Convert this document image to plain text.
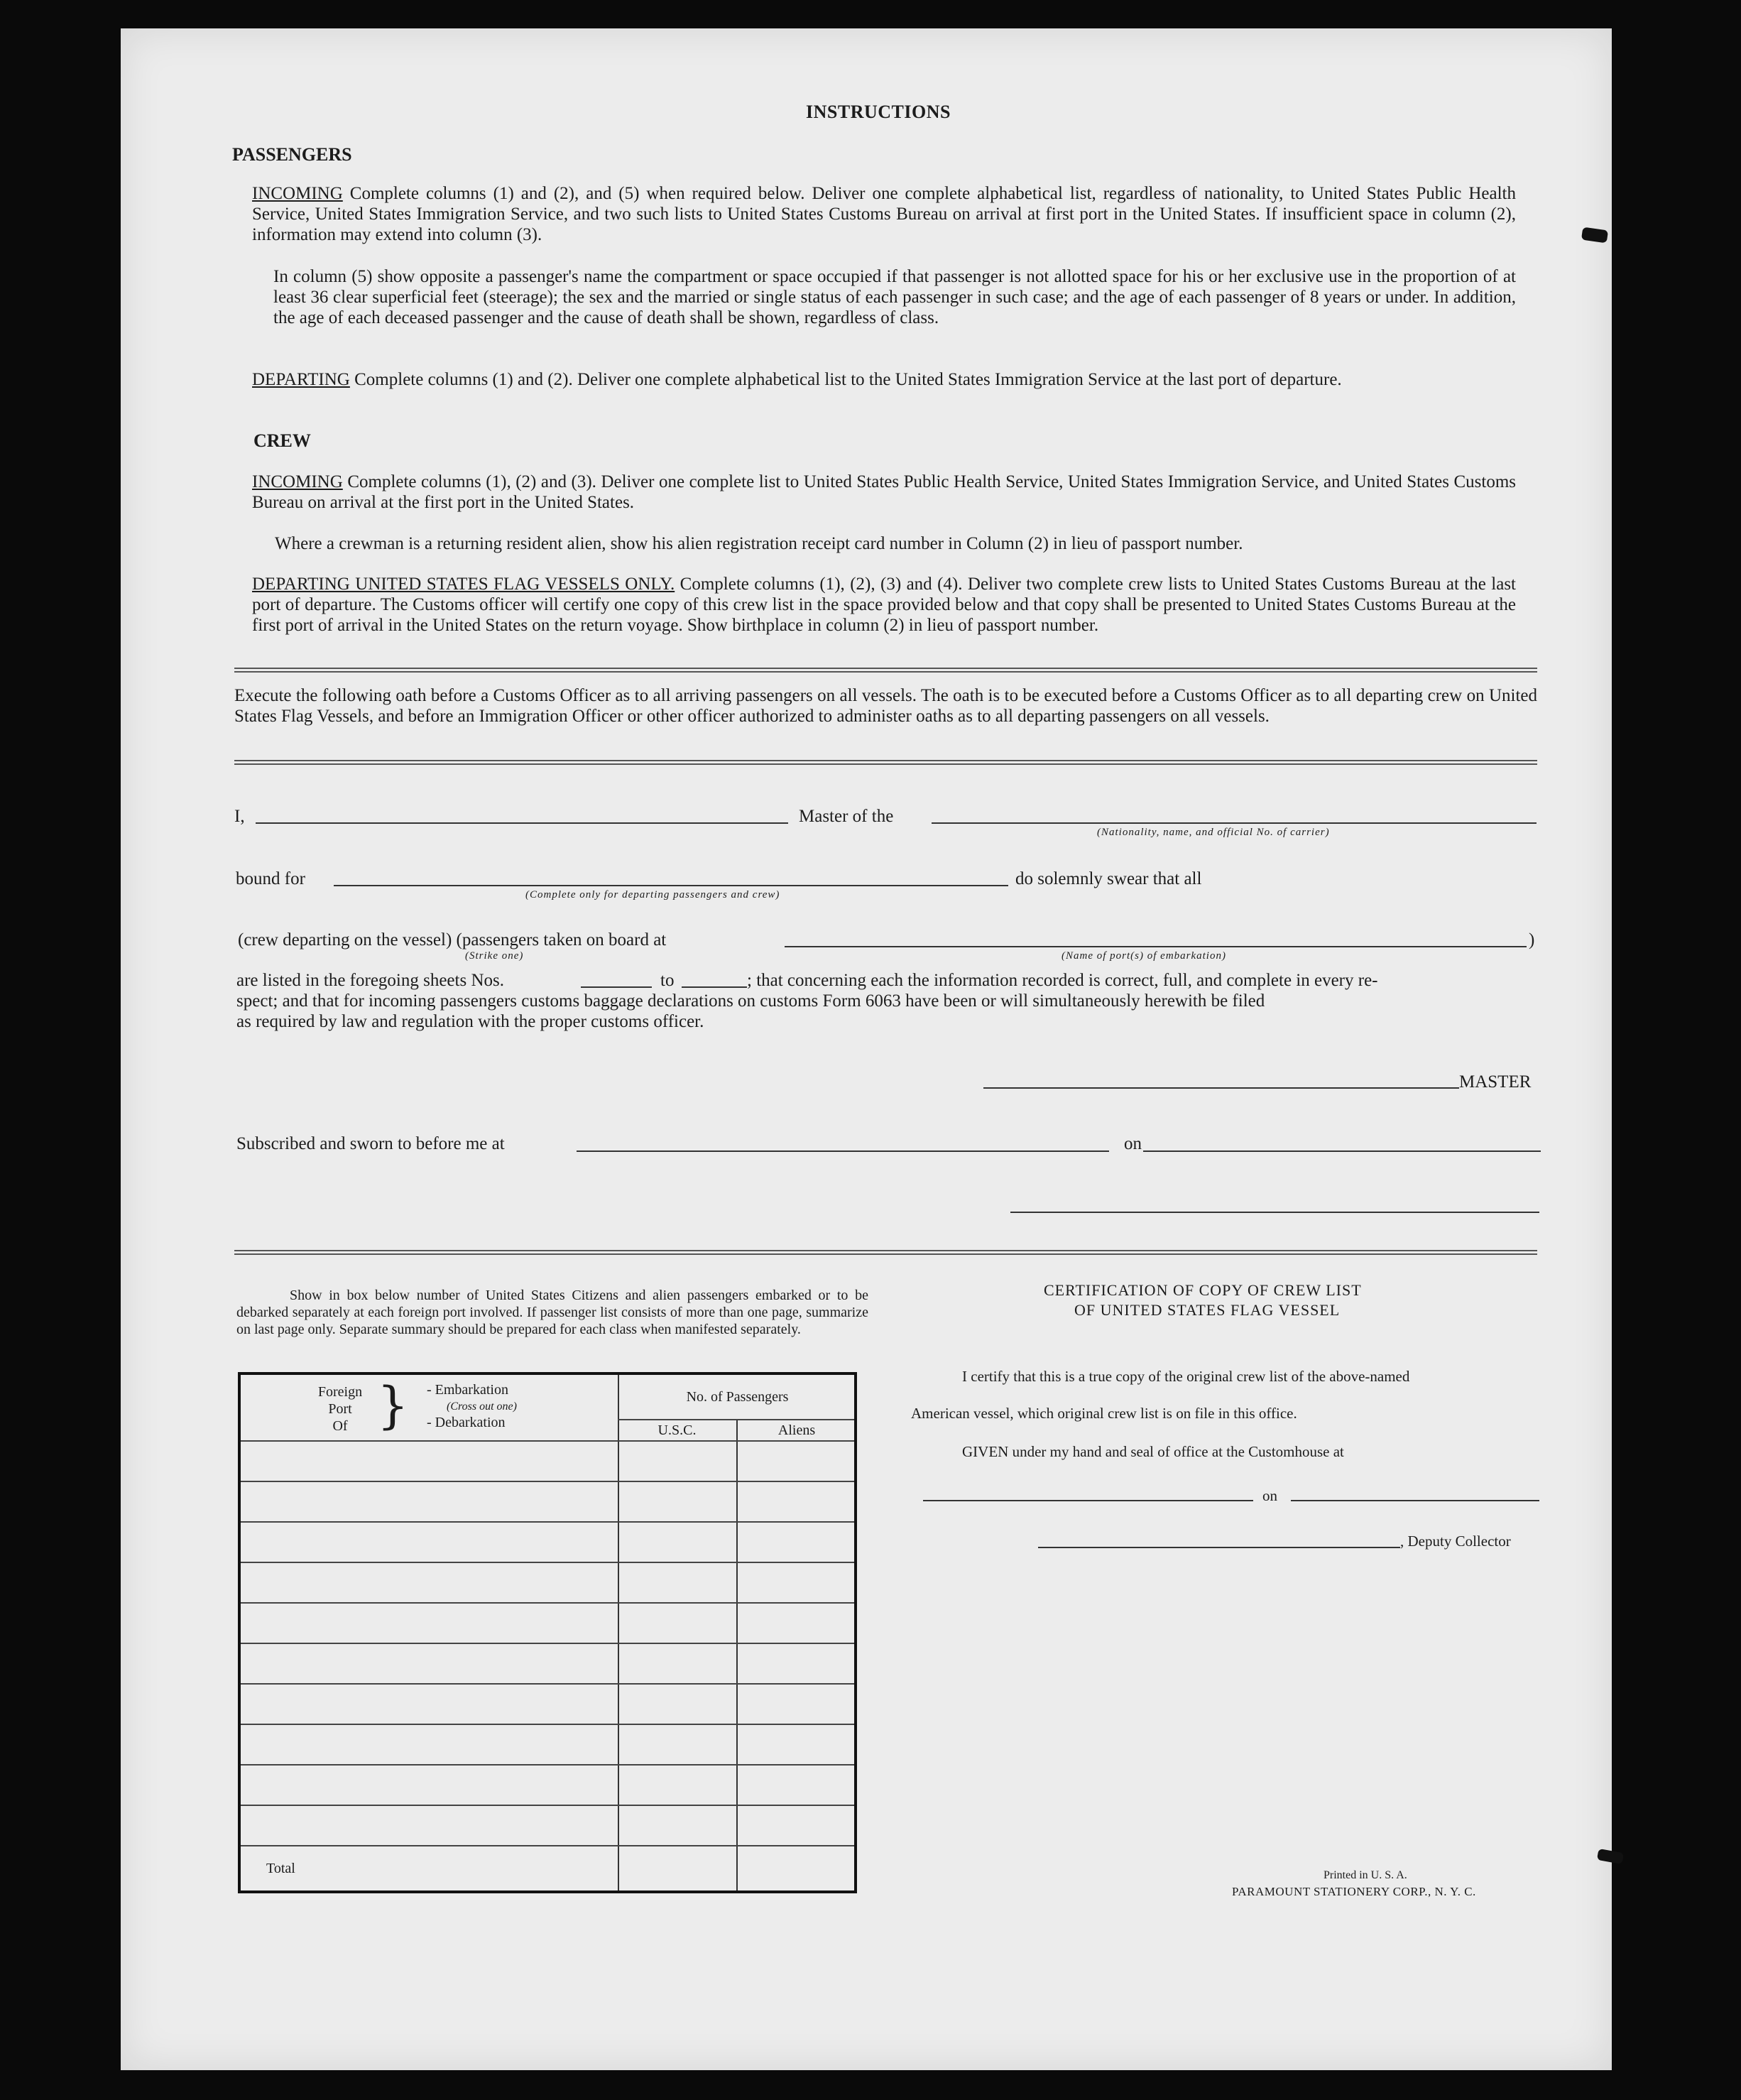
INSTRUCTIONS
PASSENGERS
INCOMING Complete columns (1) and (2), and (5) when required below. Deliver one complete alphabetical list, regardless of nationality, to United States Public Health Service, United States Immigration Service, and two such lists to United States Customs Bureau on arrival at first port in the United States. If insufficient space in column (2), information may extend into column (3).
In column (5) show opposite a passenger's name the compartment or space occupied if that passenger is not allotted space for his or her exclusive use in the proportion of at least 36 clear superficial feet (steerage); the sex and the married or single status of each passenger in such case; and the age of each passenger of 8 years or under. In addition, the age of each deceased passenger and the cause of death shall be shown, regardless of class.
DEPARTING Complete columns (1) and (2). Deliver one complete alphabetical list to the United States Immigration Service at the last port of departure.
CREW
INCOMING Complete columns (1), (2) and (3). Deliver one complete list to United States Public Health Service, United States Immigration Service, and United States Customs Bureau on arrival at the first port in the United States.
Where a crewman is a returning resident alien, show his alien registration receipt card number in Column (2) in lieu of passport number.
DEPARTING UNITED STATES FLAG VESSELS ONLY. Complete columns (1), (2), (3) and (4). Deliver two complete crew lists to United States Customs Bureau at the last port of departure. The Customs officer will certify one copy of this crew list in the space provided below and that copy shall be presented to United States Customs Bureau at the first port of arrival in the United States on the return voyage. Show birthplace in column (2) in lieu of passport number.
Execute the following oath before a Customs Officer as to all arriving passengers on all vessels. The oath is to be executed before a Customs Officer as to all departing crew on United States Flag Vessels, and before an Immigration Officer or other officer authorized to administer oaths as to all departing passengers on all vessels.
I,	Master of the
(Nationality, name, and official No. of carrier)
bound for
(Complete only for departing passengers and crew)
do solemnly swear that all
(crew departing on the vessel) (passengers taken on board at
(Strike one)
)
(Name of port(s) of embarkation)
are listed in the foregoing sheets Nos.	to	; that concerning each the information recorded is correct, full, and complete in every re-
spect; and that for incoming passengers customs baggage declarations on customs Form 6063 have been or will simultaneously herewith be filed
as required by law and regulation with the proper customs officer.
MASTER
Subscribed and sworn to before me at	on
Show in box below number of United States Citizens and alien passengers embarked or to be debarked separately at each foreign port involved. If passenger list consists of more than one page, summarize on last page only. Separate summary should be prepared for each class when manifested separately.
Foreign
Port
Of } - Embarkation
(Cross out one)
- Debarkation
No. of Passengers
U.S.C.	Aliens
Total
CERTIFICATION OF COPY OF CREW LIST
OF UNITED STATES FLAG VESSEL
I certify that this is a true copy of the original crew list of the above-named
American vessel, which original crew list is on file in this office.
GIVEN under my hand and seal of office at the Customhouse at
on
, Deputy Collector
Printed in U. S. A.
PARAMOUNT STATIONERY CORP., N. Y. C.
